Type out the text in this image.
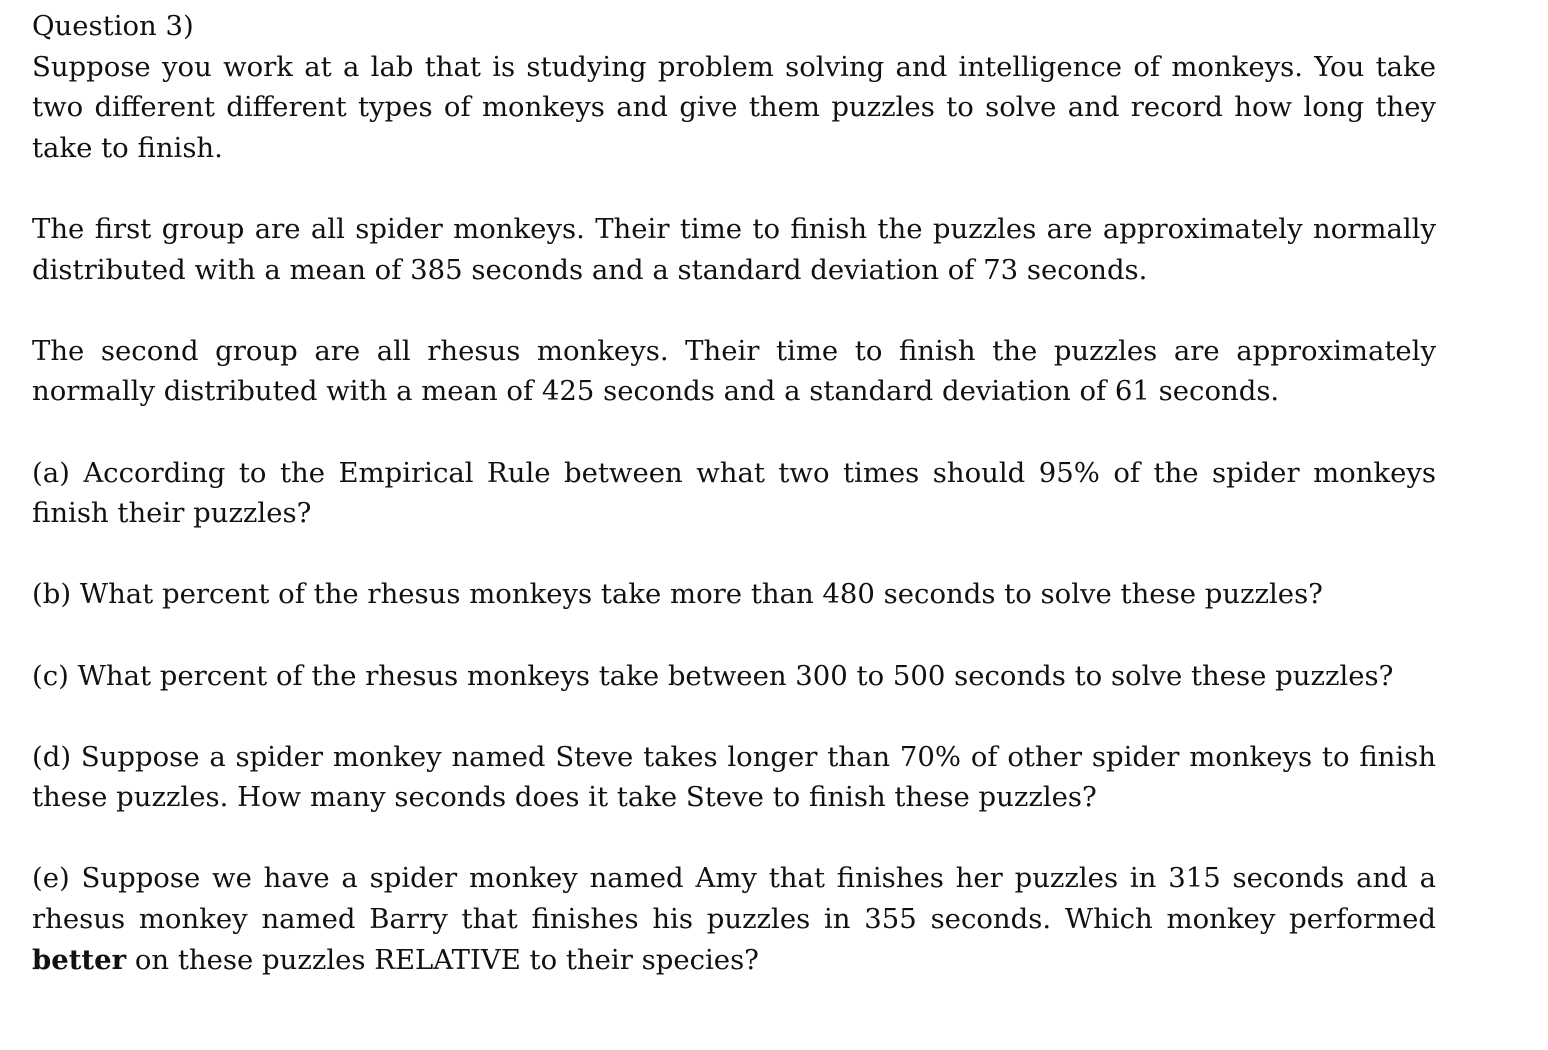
Question 3)

Suppose you work at a lab that is studying problem solving and intelligence of monkeys. You take two different different types of monkeys and give them puzzles to solve and record how long they take to finish.

The first group are all spider monkeys. Their time to finish the puzzles are approximately normally distributed with a mean of 385 seconds and a standard deviation of 73 seconds.

The second group are all rhesus monkeys. Their time to finish the puzzles are approximately normally distributed with a mean of 425 seconds and a standard deviation of 61 seconds.

(a) According to the Empirical Rule between what two times should 95% of the spider monkeys finish their puzzles?

(b) What percent of the rhesus monkeys take more than 480 seconds to solve these puzzles?

(c) What percent of the rhesus monkeys take between 300 to 500 seconds to solve these puzzles?

(d) Suppose a spider monkey named Steve takes longer than 70% of other spider monkeys to finish these puzzles. How many seconds does it take Steve to finish these puzzles?

(e) Suppose we have a spider monkey named Amy that finishes her puzzles in 315 seconds and a rhesus monkey named Barry that finishes his puzzles in 355 seconds. Which monkey performed better on these puzzles RELATIVE to their species?
